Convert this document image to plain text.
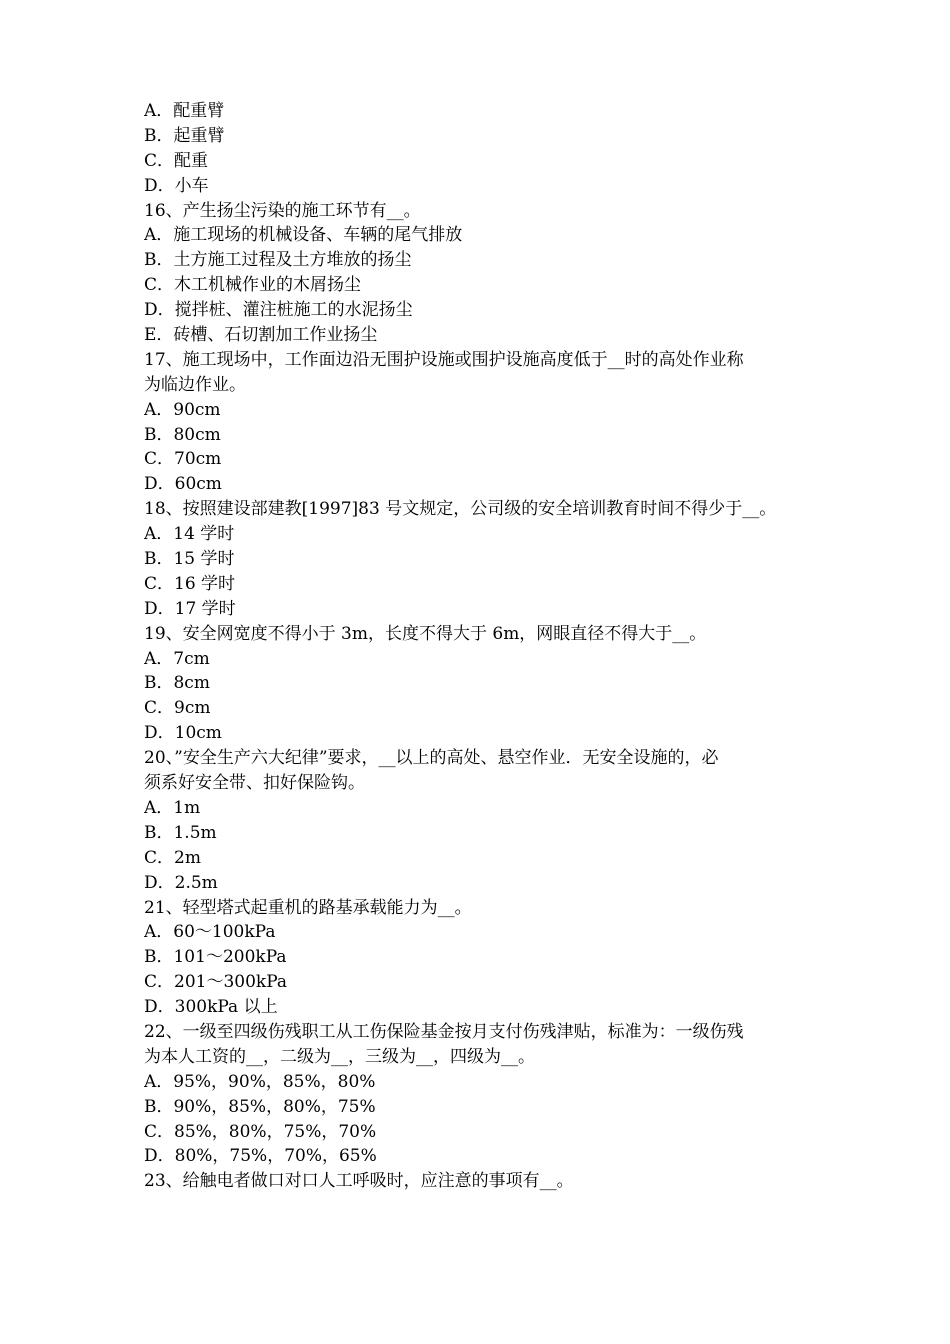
A．配重臂
B．起重臂
C．配重
D．小车
16、产生扬尘污染的施工环节有__。
A．施工现场的机械设备、车辆的尾气排放
B．土方施工过程及土方堆放的扬尘
C．木工机械作业的木屑扬尘
D．搅拌桩、灌注桩施工的水泥扬尘
E．砖槽、石切割加工作业扬尘
17、施工现场中，工作面边沿无围护设施或围护设施高度低于__时的高处作业称
为临边作业。
A．90cm
B．80cm
C．70cm
D．60cm
18、按照建设部建教[1997]83 号文规定，公司级的安全培训教育时间不得少于__。
A．14 学时
B．15 学时
C．16 学时
D．17 学时
19、安全网宽度不得小于 3m，长度不得大于 6m，网眼直径不得大于__。
A．7cm
B．8cm
C．9cm
D．10cm
20、”安全生产六大纪律”要求，__以上的高处、悬空作业．无安全设施的，必
须系好安全带、扣好保险钩。
A．1m
B．1.5m
C．2m
D．2.5m
21、轻型塔式起重机的路基承载能力为__。
A．60～100kPa
B．101～200kPa
C．201～300kPa
D．300kPa 以上
22、一级至四级伤残职工从工伤保险基金按月支付伤残津贴，标准为：一级伤残
为本人工资的__，二级为__，三级为__，四级为__。
A．95%，90%，85%，80%
B．90%，85%，80%，75%
C．85%，80%，75%，70%
D．80%，75%，70%，65%
23、给触电者做口对口人工呼吸时，应注意的事项有__。
